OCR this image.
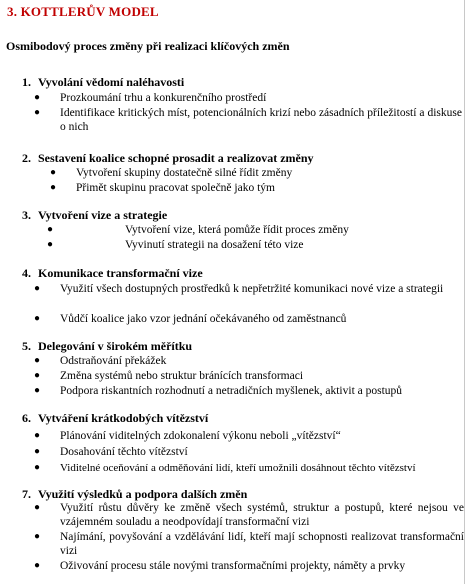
3. KOTTLERŮV MODEL
Osmibodový proces změny při realizaci klíčových změn
1. Vyvolání vědomí naléhavosti
● Prozkoumání trhu a konkurenčního prostředí
● Identifikace kritických míst, potencionálních krizí nebo zásadních příležitostí a diskuse o nich
2. Sestavení koalice schopné prosadit a realizovat změny
● Vytvoření skupiny dostatečně silné řídit změny
● Přimět skupinu pracovat společně jako tým
3. Vytvoření vize a strategie
●	Vytvoření vize, která pomůže řídit proces změny
●	Vyvinutí strategii na dosažení této vize
4. Komunikace transformační vize
● Využití všech dostupných prostředků k nepřetržité komunikaci nové vize a strategii
● Vůdčí koalice jako vzor jednání očekávaného od zaměstnanců
5. Delegování v širokém měřítku
● Odstraňování překážek
● Změna systémů nebo struktur bránících transformaci
● Podpora riskantních rozhodnutí a netradičních myšlenek, aktivit a postupů
6. Vytváření krátkodobých vítězství
● Plánování viditelných zdokonalení výkonu neboli „vítězství“
● Dosahování těchto vítězství
● Viditelné oceňování a odměňování lidí, kteří umožnili dosáhnout těchto vítězství
7. Využití výsledků a podpora dalších změn
● Využití růstu důvěry ke změně všech systémů, struktur a postupů, které nejsou ve vzájemném souladu a neodpovídají transformační vizi
● Najímání, povyšování a vzdělávání lidí, kteří mají schopnosti realizovat transformační vizi
● Oživování procesu stále novými transformačními projekty, náměty a prvky
